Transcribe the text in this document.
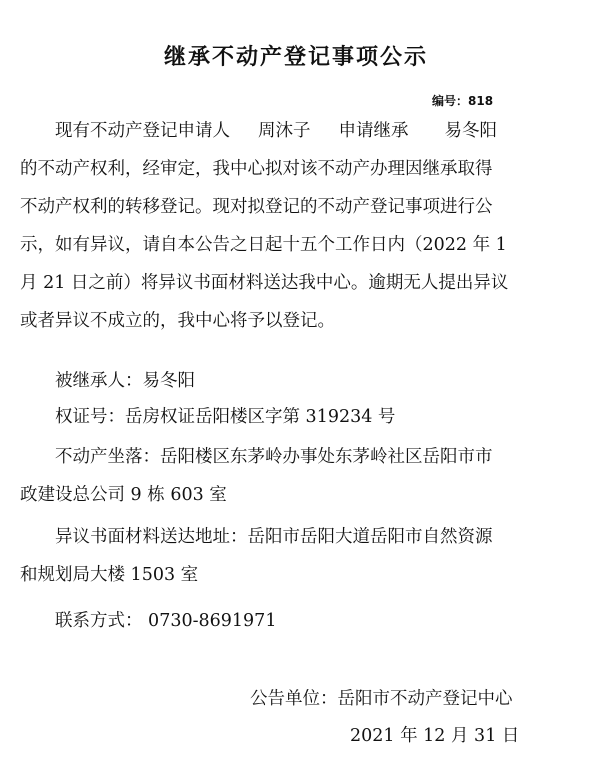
继承不动产登记事项公示
编号：818
现有不动产登记申请人 周沐子 申请继承 易冬阳
的不动产权利，经审定，我中心拟对该不动产办理因继承取得
不动产权利的转移登记。现对拟登记的不动产登记事项进行公
示，如有异议，请自本公告之日起十五个工作日内（2022 年 1
月 21 日之前）将异议书面材料送达我中心。逾期无人提出异议
或者异议不成立的，我中心将予以登记。
被继承人：易冬阳
权证号：岳房权证岳阳楼区字第 319234 号
不动产坐落：岳阳楼区东茅岭办事处东茅岭社区岳阳市市
政建设总公司 9 栋 603 室
异议书面材料送达地址：岳阳市岳阳大道岳阳市自然资源
和规划局大楼 1503 室
联系方式： 0730-8691971
公告单位：岳阳市不动产登记中心
2021 年 12 月 31 日
